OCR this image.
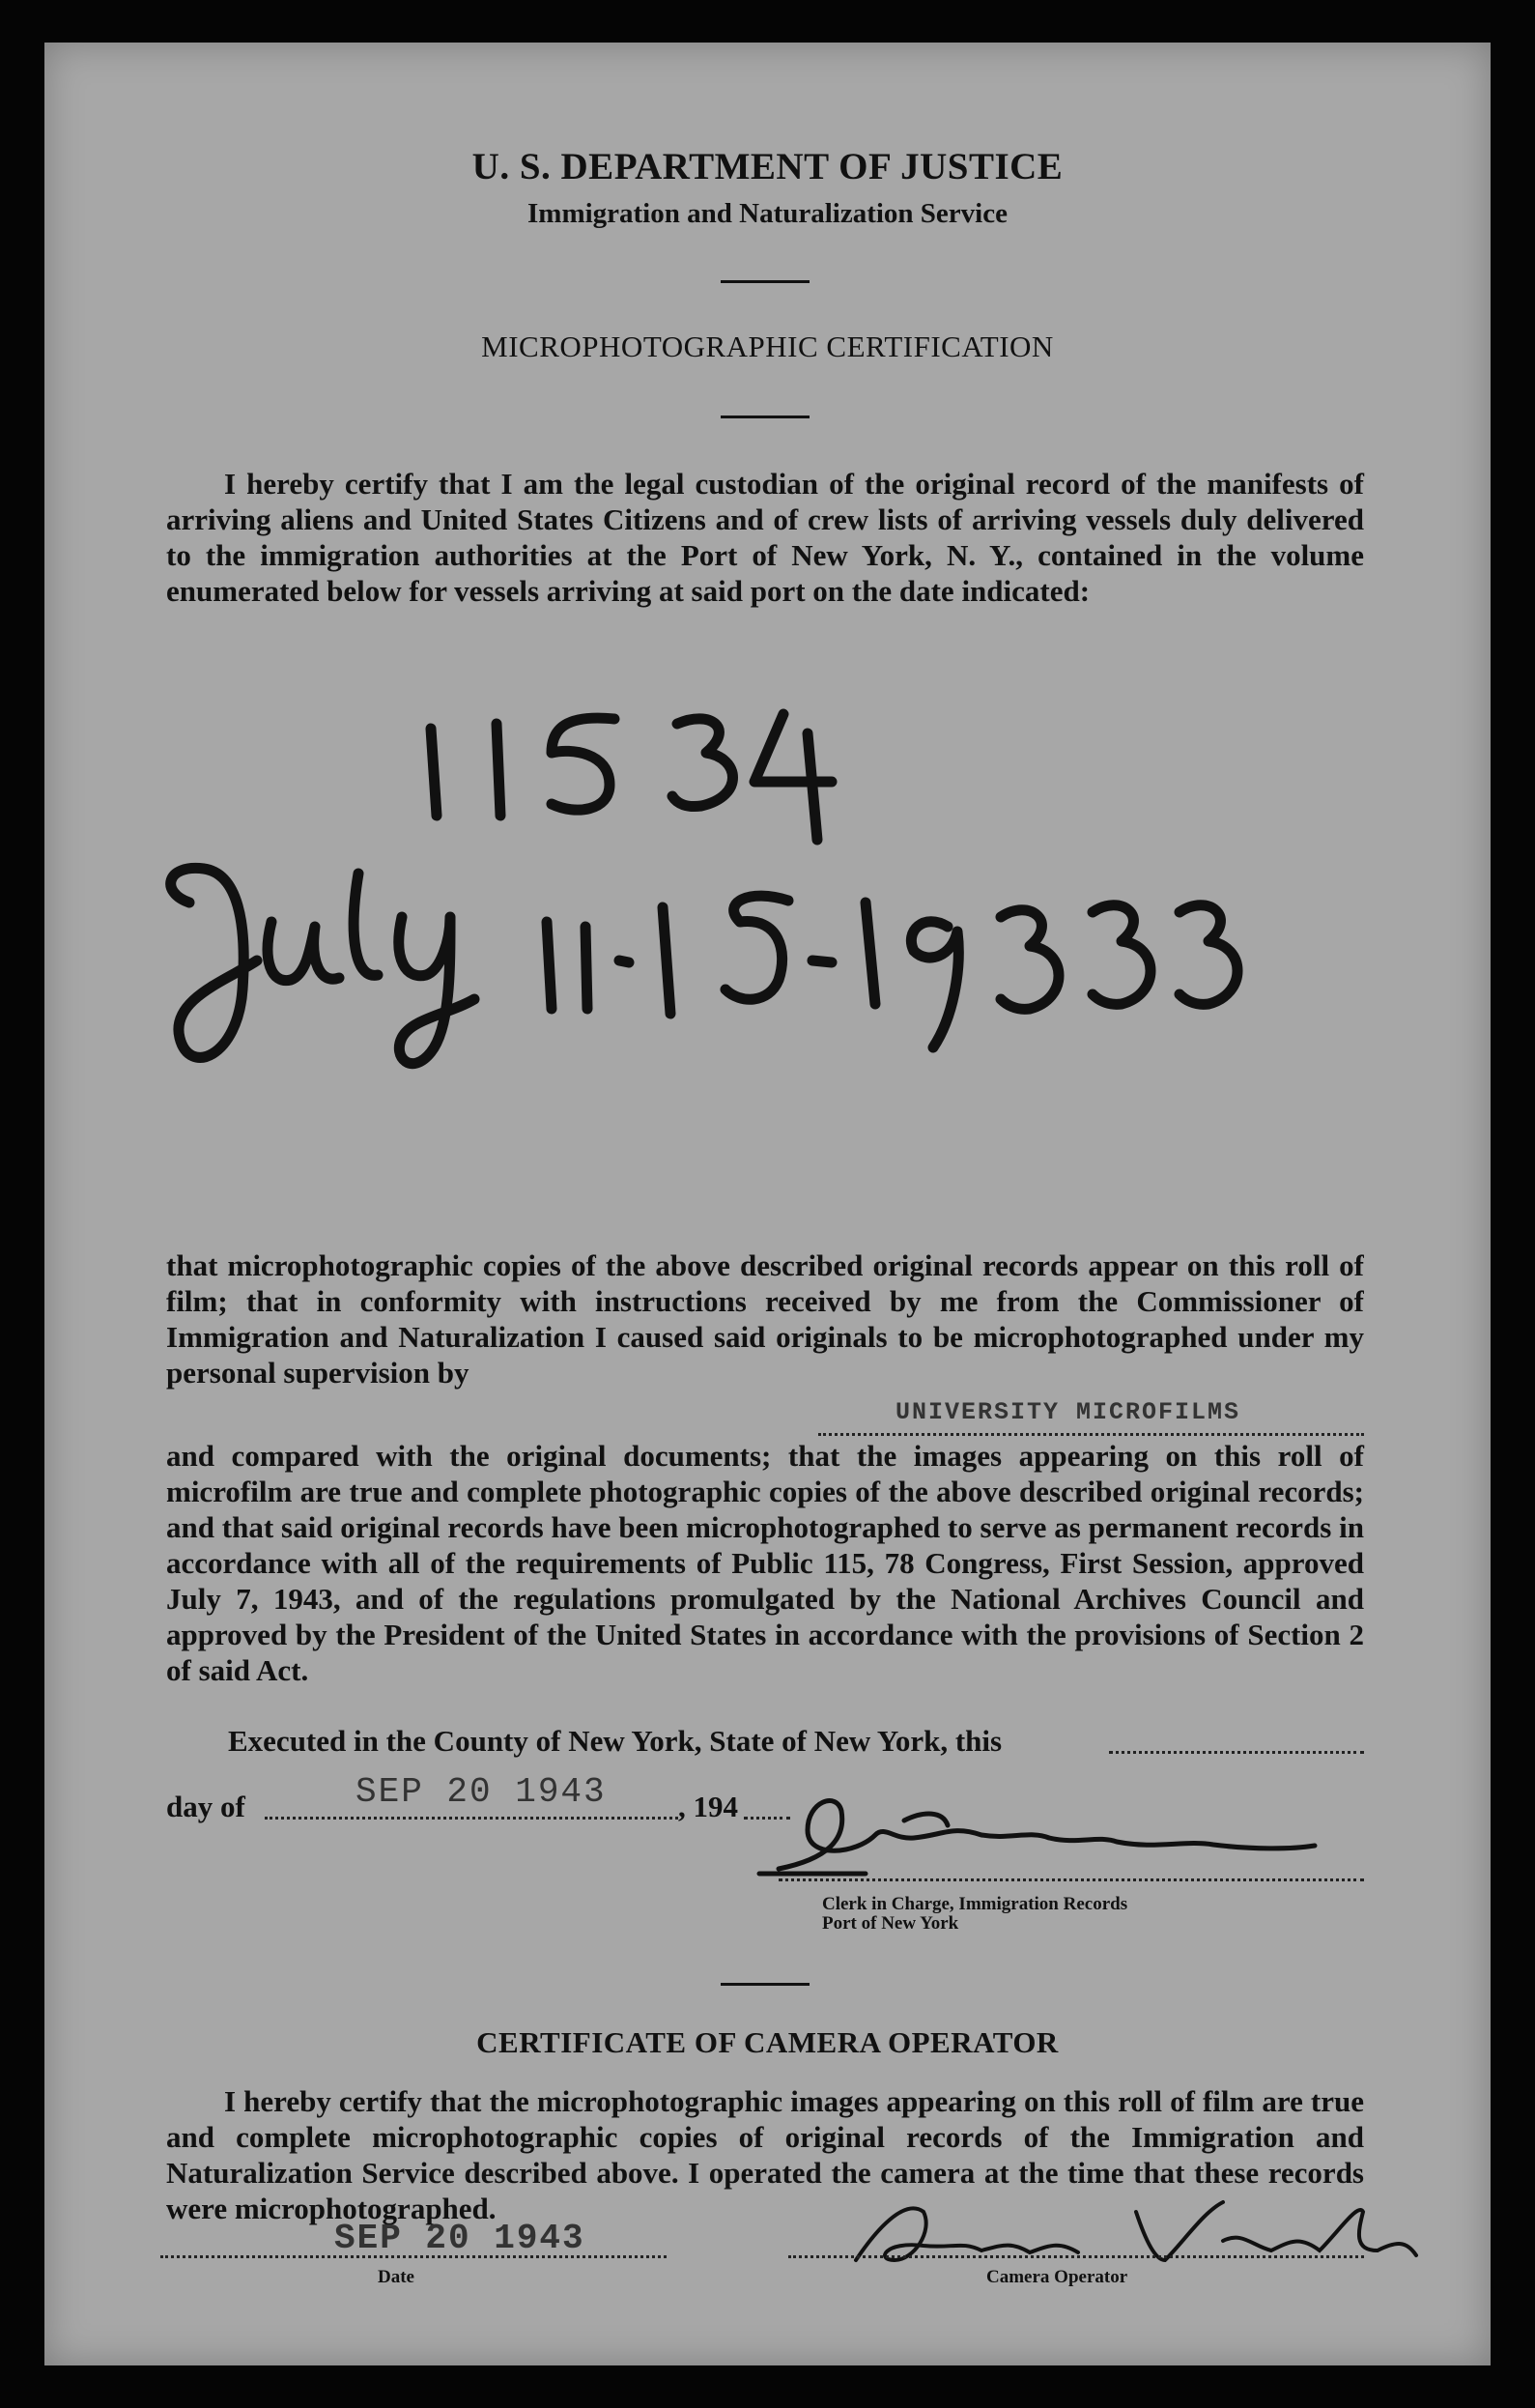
U. S. DEPARTMENT OF JUSTICE
Immigration and Naturalization Service
MICROPHOTOGRAPHIC CERTIFICATION
I hereby certify that I am the legal custodian of the original record of the manifests of arriving aliens and United States Citizens and of crew lists of arriving vessels duly delivered to the immigration authorities at the Port of New York, N. Y., contained in the volume enumerated below for vessels arriving at said port on the date indicated:
that microphotographic copies of the above described original records appear on this roll of film; that in conformity with instructions received by me from the Commissioner of Immigration and Naturalization I caused said originals to be microphotographed under my personal supervision by
UNIVERSITY MICROFILMS
and compared with the original documents; that the images appearing on this roll of microfilm are true and complete photographic copies of the above described original records; and that said original records have been microphotographed to serve as permanent records in accordance with all of the requirements of Public 115, 78 Congress, First Session, approved July 7, 1943, and of the regulations promulgated by the National Archives Council and approved by the President of the United States in accordance with the provisions of Section 2 of said Act.
Executed in the County of New York, State of New York, this
day of	SEP 20 1943 , 194
Clerk in Charge, Immigration Records
Port of New York
CERTIFICATE OF CAMERA OPERATOR
I hereby certify that the microphotographic images appearing on this roll of film are true and complete microphotographic copies of original records of the Immigration and Naturalization Service described above. I operated the camera at the time that these records were microphotographed.
SEP 20 1943
Date	Camera Operator
